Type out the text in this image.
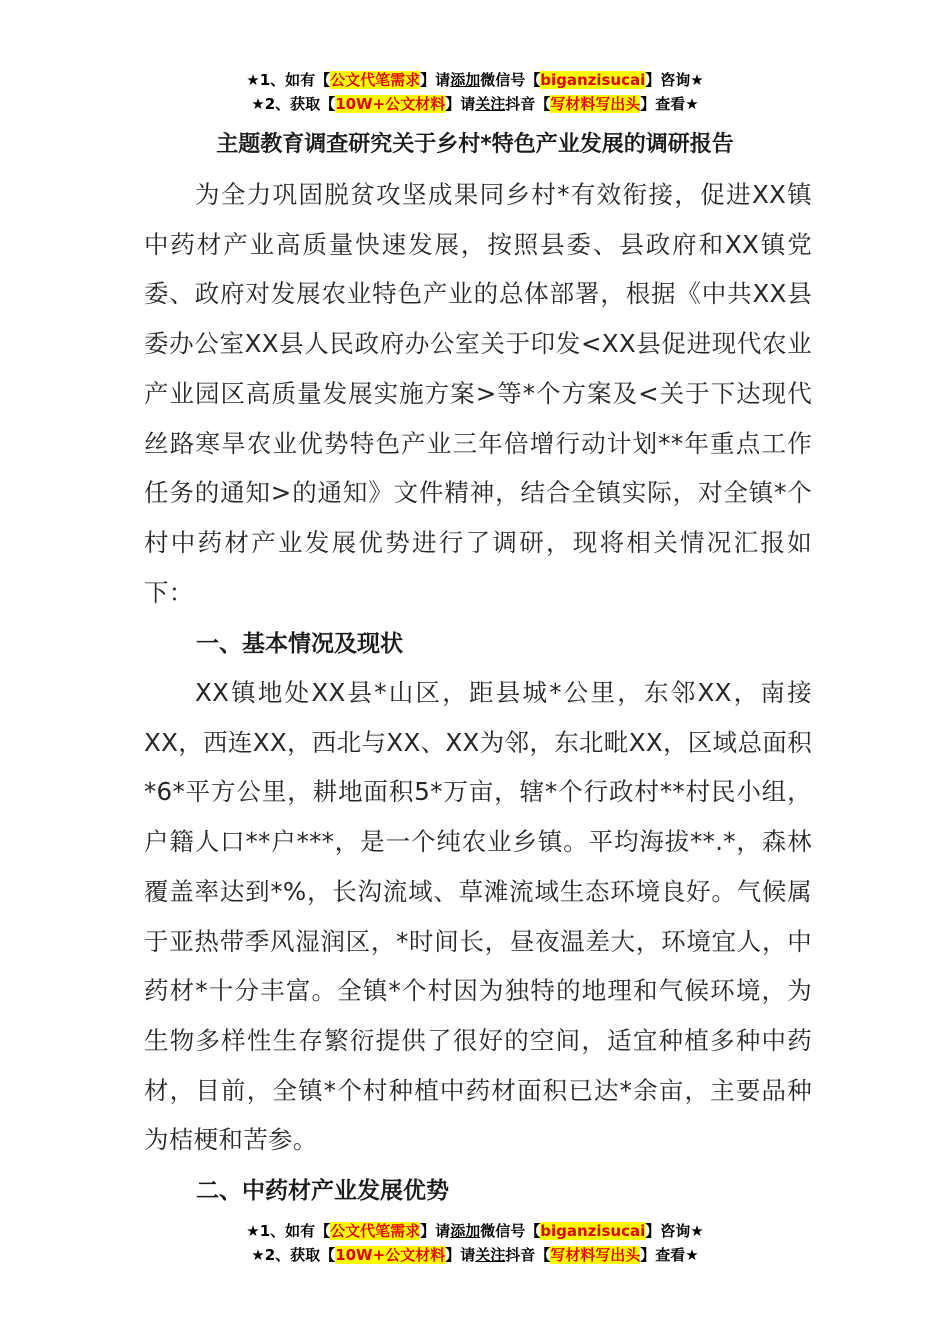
★1、如有【公文代笔需求】请添加微信号【biganzisucai】咨询★
★2、获取【10W+公文材料】请关注抖音【写材料写出头】查看★
主题教育调查研究关于乡村*特色产业发展的调研报告

为全力巩固脱贫攻坚成果同乡村*有效衔接，促进XX镇中药材产业高质量快速发展，按照县委、县政府和XX镇党委、政府对发展农业特色产业的总体部署，根据《中共XX县委办公室XX县人民政府办公室关于印发<XX县促进现代农业产业园区高质量发展实施方案>等*个方案及<关于下达现代丝路寒旱农业优势特色产业三年倍增行动计划**年重点工作任务的通知>的通知》文件精神，结合全镇实际，对全镇*个村中药材产业发展优势进行了调研，现将相关情况汇报如下：

一、基本情况及现状

XX镇地处XX县*山区，距县城*公里，东邻XX，南接XX，西连XX，西北与XX、XX为邻，东北毗XX，区域总面积*6*平方公里，耕地面积5*万亩，辖*个行政村**村民小组，户籍人口**户***，是一个纯农业乡镇。平均海拔**.*，森林覆盖率达到*%，长沟流域、草滩流域生态环境良好。气候属于亚热带季风湿润区，*时间长，昼夜温差大，环境宜人，中药材*十分丰富。全镇*个村因为独特的地理和气候环境，为生物多样性生存繁衍提供了很好的空间，适宜种植多种中药材，目前，全镇*个村种植中药材面积已达*余亩，主要品种为桔梗和苦参。

二、中药材产业发展优势
★1、如有【公文代笔需求】请添加微信号【biganzisucai】咨询★
★2、获取【10W+公文材料】请关注抖音【写材料写出头】查看★
